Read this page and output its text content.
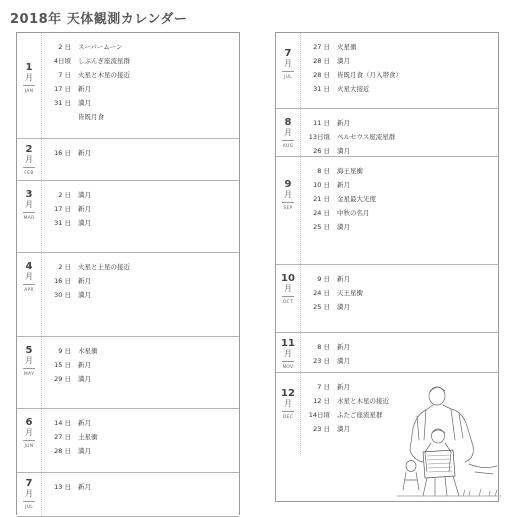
2018年 天体観測カレンダー
1
月
JAN
2 日 スーパームーン
4日頃 しぶんぎ座流星群
7 日 火星と木星の接近
17 日 新月
31 日 満月
皆既月食
2
月
FEB
16 日 新月
3
月
MAR
2 日 満月
17 日 新月
31 日 満月
4
月
APR
2 日 火星と土星の接近
16 日 新月
30 日 満月
5
月
MAY
9 日 木星衝
15 日 新月
29 日 満月
6
月
JUN
14 日 新月
27 日 土星衝
28 日 満月
7
月
JUL
13 日 新月
7
月
JUL
27 日 火星衝
28 日 満月
28 日 皆既月食（月入帯食）
31 日 火星大接近
8
月
AUG
11 日 新月
13日頃 ペルセウス座流星群
26 日 満月
9
月
SEP
8 日 海王星衝
10 日 新月
21 日 金星最大光度
24 日 中秋の名月
25 日 満月
10
月
OCT
9 日 新月
24 日 天王星衝
25 日 満月
11
月
NOV
8 日 新月
23 日 満月
12
月
DEC
7 日 新月
12 日 水星と木星の接近
14日頃 ふたご座流星群
23 日 満月
